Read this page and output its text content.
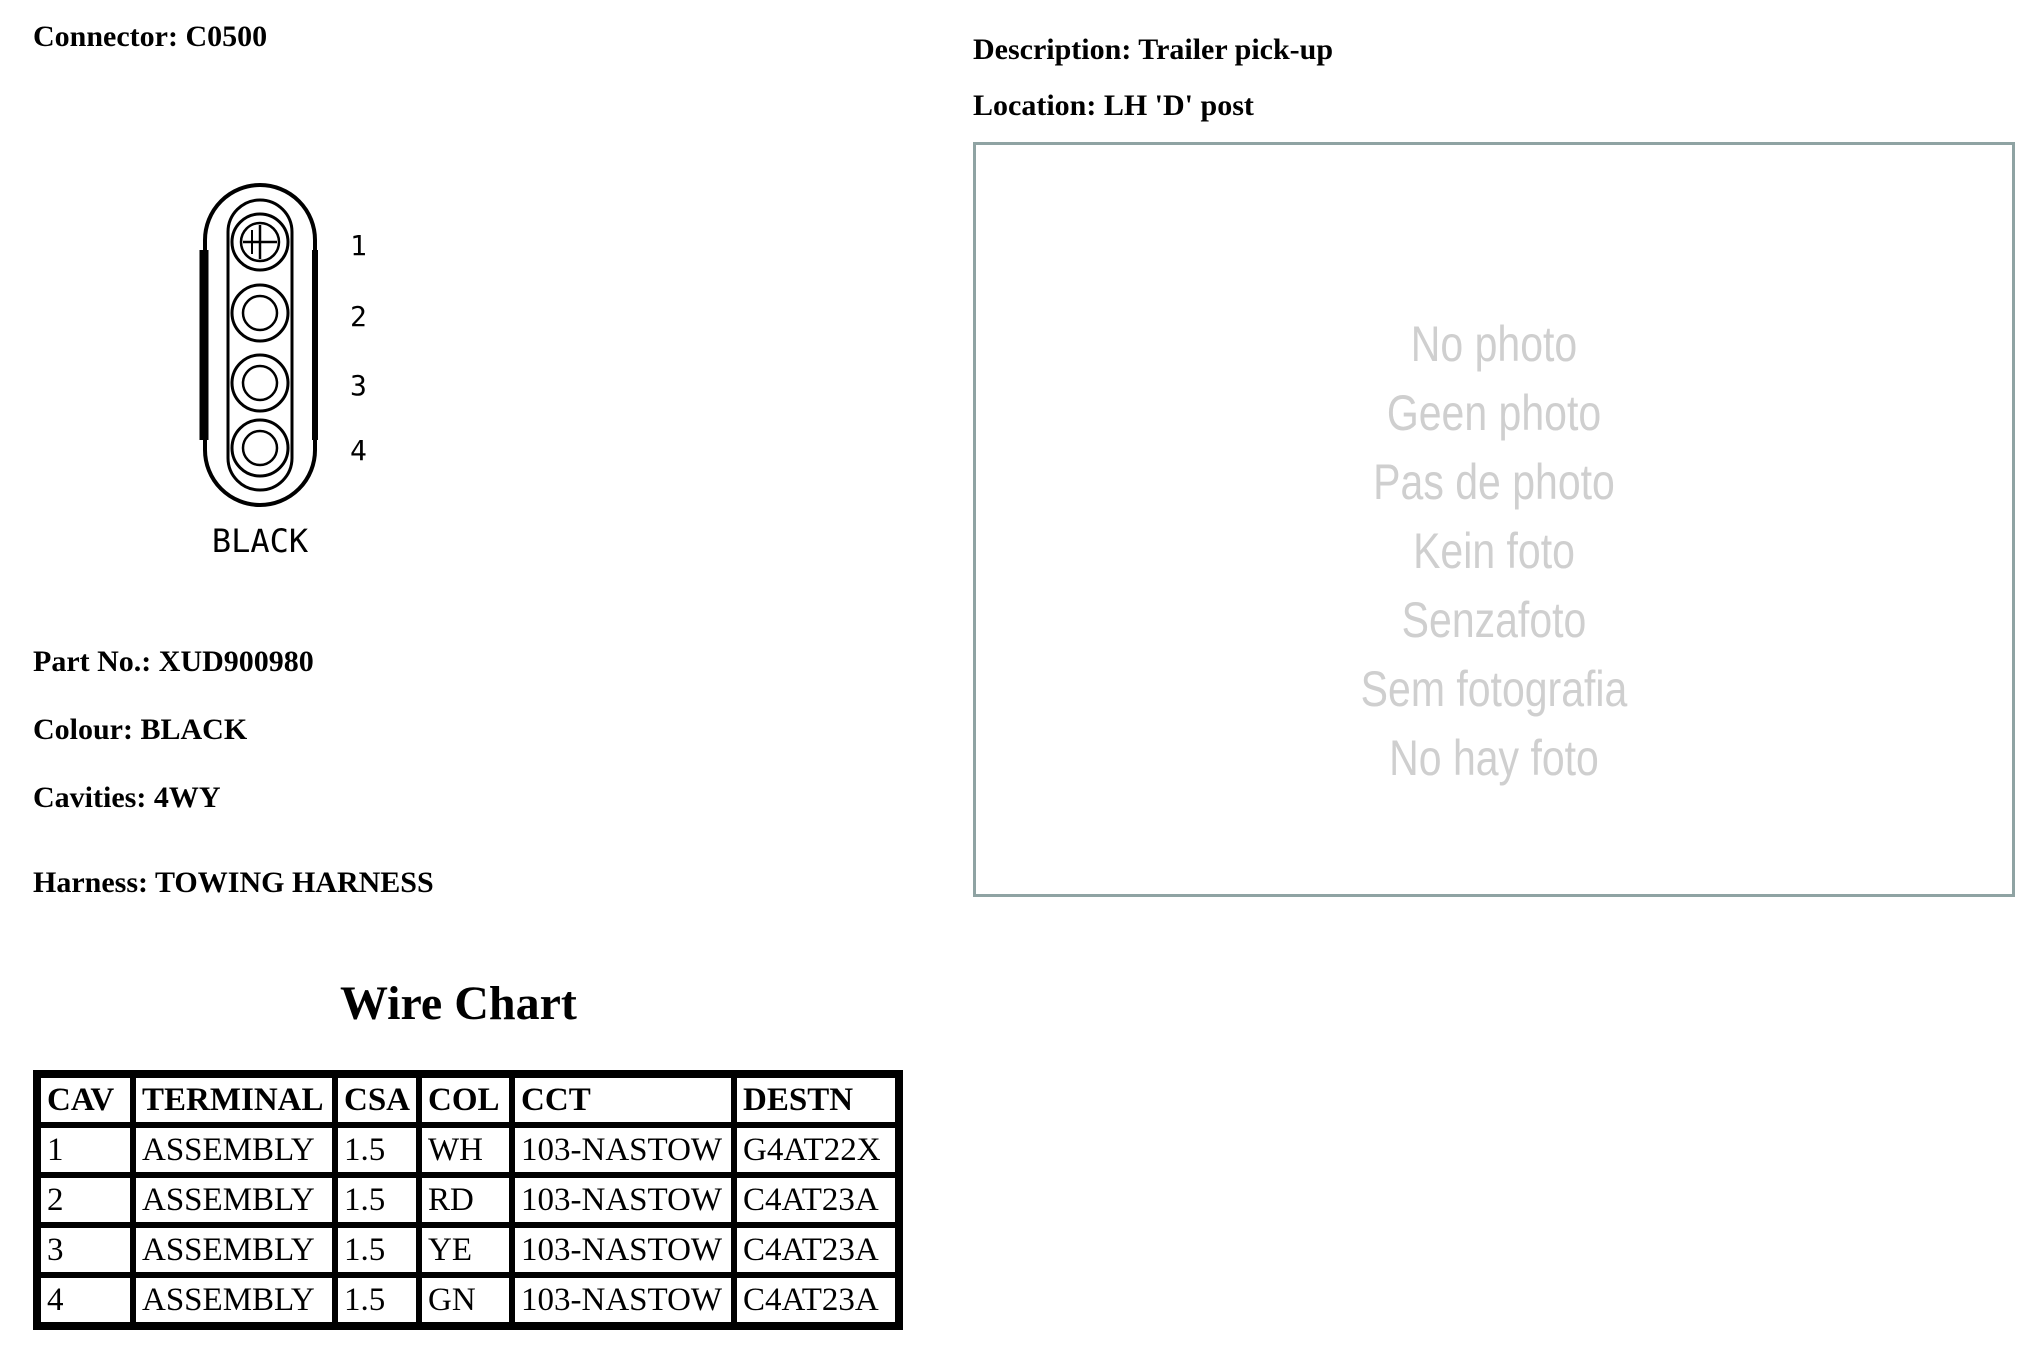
Connector: C0500	Description: Trailer pick-up
Location: LH 'D' post
1
2
3
4
BLACK
Part No.: XUD900980
Colour: BLACK
Cavities: 4WY
Harness: TOWING HARNESS
No photo
Geen photo
Pas de photo
Kein foto
Senzafoto
Sem fotografia
No hay foto
Wire Chart
CAV	TERMINAL	CSA	COL	CCT	DESTN
1	ASSEMBLY	1.5	WH	103-NASTOW	G4AT22X
2	ASSEMBLY	1.5	RD	103-NASTOW	C4AT23A
3	ASSEMBLY	1.5	YE	103-NASTOW	C4AT23A
4	ASSEMBLY	1.5	GN	103-NASTOW	C4AT23A
